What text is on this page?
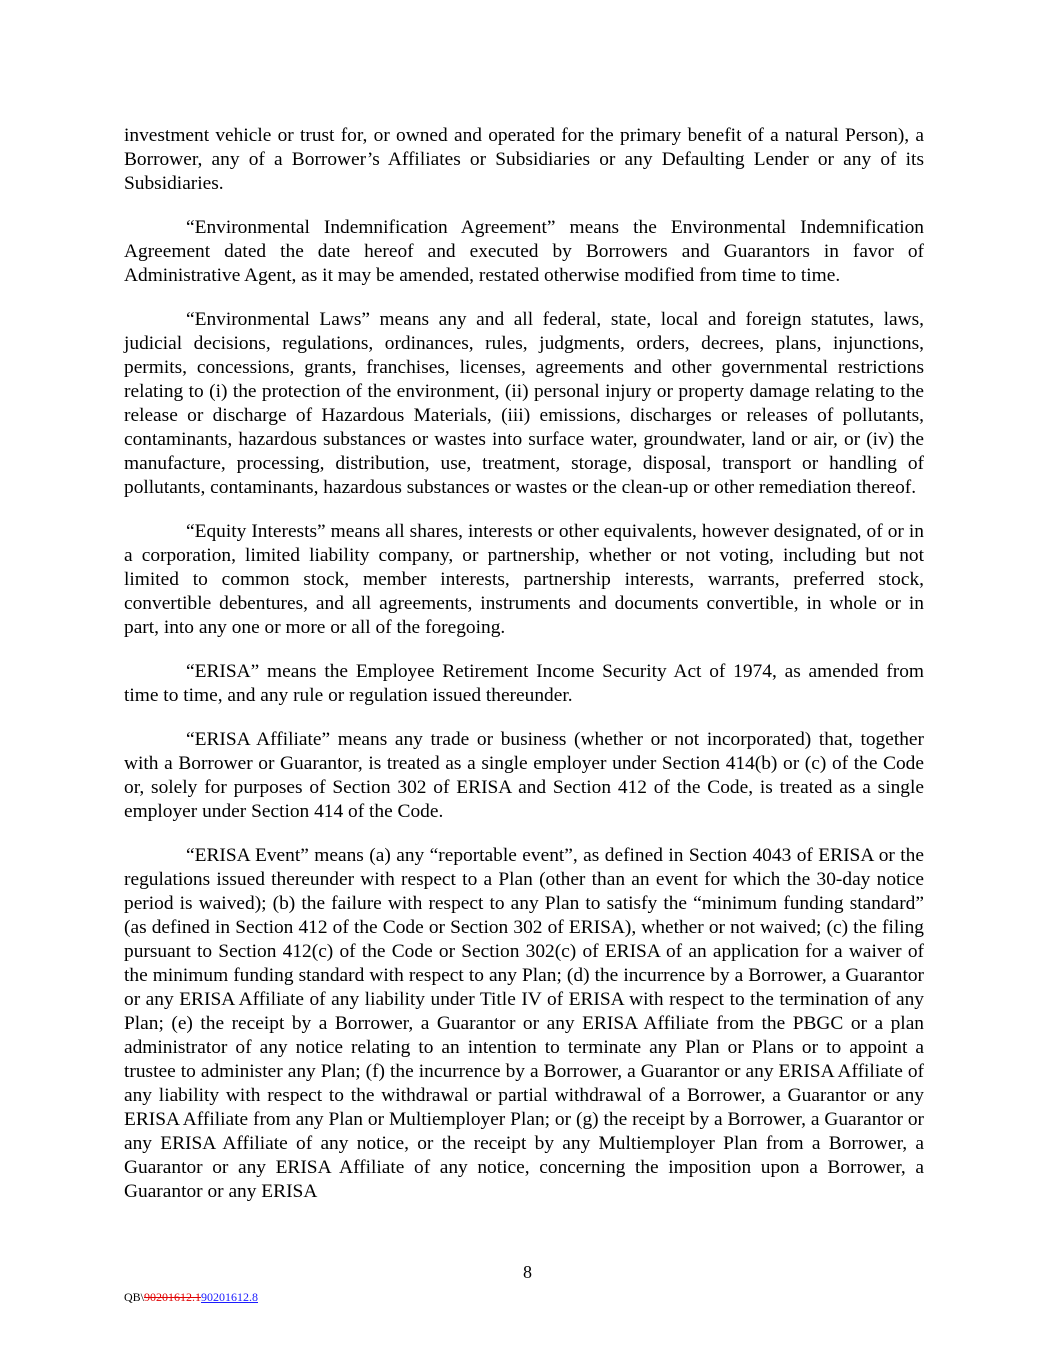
investment vehicle or trust for, or owned and operated for the primary benefit of a natural Person), a Borrower, any of a Borrower’s Affiliates or Subsidiaries or any Defaulting Lender or any of its Subsidiaries.

“Environmental Indemnification Agreement” means the Environmental Indemnification Agreement dated the date hereof and executed by Borrowers and Guarantors in favor of Administrative Agent, as it may be amended, restated otherwise modified from time to time.

“Environmental Laws” means any and all federal, state, local and foreign statutes, laws, judicial decisions, regulations, ordinances, rules, judgments, orders, decrees, plans, injunctions, permits, concessions, grants, franchises, licenses, agreements and other governmental restrictions relating to (i) the protection of the environment, (ii) personal injury or property damage relating to the release or discharge of Hazardous Materials, (iii) emissions, discharges or releases of pollutants, contaminants, hazardous substances or wastes into surface water, groundwater, land or air, or (iv) the manufacture, processing, distribution, use, treatment, storage, disposal, transport or handling of pollutants, contaminants, hazardous substances or wastes or the clean-up or other remediation thereof.

“Equity Interests” means all shares, interests or other equivalents, however designated, of or in a corporation, limited liability company, or partnership, whether or not voting, including but not limited to common stock, member interests, partnership interests, warrants, preferred stock, convertible debentures, and all agreements, instruments and documents convertible, in whole or in part, into any one or more or all of the foregoing.

“ERISA” means the Employee Retirement Income Security Act of 1974, as amended from time to time, and any rule or regulation issued thereunder.

“ERISA Affiliate” means any trade or business (whether or not incorporated) that, together with a Borrower or Guarantor, is treated as a single employer under Section 414(b) or (c) of the Code or, solely for purposes of Section 302 of ERISA and Section 412 of the Code, is treated as a single employer under Section 414 of the Code.

“ERISA Event” means (a) any “reportable event”, as defined in Section 4043 of ERISA or the regulations issued thereunder with respect to a Plan (other than an event for which the 30-day notice period is waived); (b) the failure with respect to any Plan to satisfy the “minimum funding standard” (as defined in Section 412 of the Code or Section 302 of ERISA), whether or not waived; (c) the filing pursuant to Section 412(c) of the Code or Section 302(c) of ERISA of an application for a waiver of the minimum funding standard with respect to any Plan; (d) the incurrence by a Borrower, a Guarantor or any ERISA Affiliate of any liability under Title IV of ERISA with respect to the termination of any Plan; (e) the receipt by a Borrower, a Guarantor or any ERISA Affiliate from the PBGC or a plan administrator of any notice relating to an intention to terminate any Plan or Plans or to appoint a trustee to administer any Plan; (f) the incurrence by a Borrower, a Guarantor or any ERISA Affiliate of any liability with respect to the withdrawal or partial withdrawal of a Borrower, a Guarantor or any ERISA Affiliate from any Plan or Multiemployer Plan; or (g) the receipt by a Borrower, a Guarantor or any ERISA Affiliate of any notice, or the receipt by any Multiemployer Plan from a Borrower, a Guarantor or any ERISA Affiliate of any notice, concerning the imposition upon a Borrower, a Guarantor or any ERISA

8
QB\90201612.190201612.8
